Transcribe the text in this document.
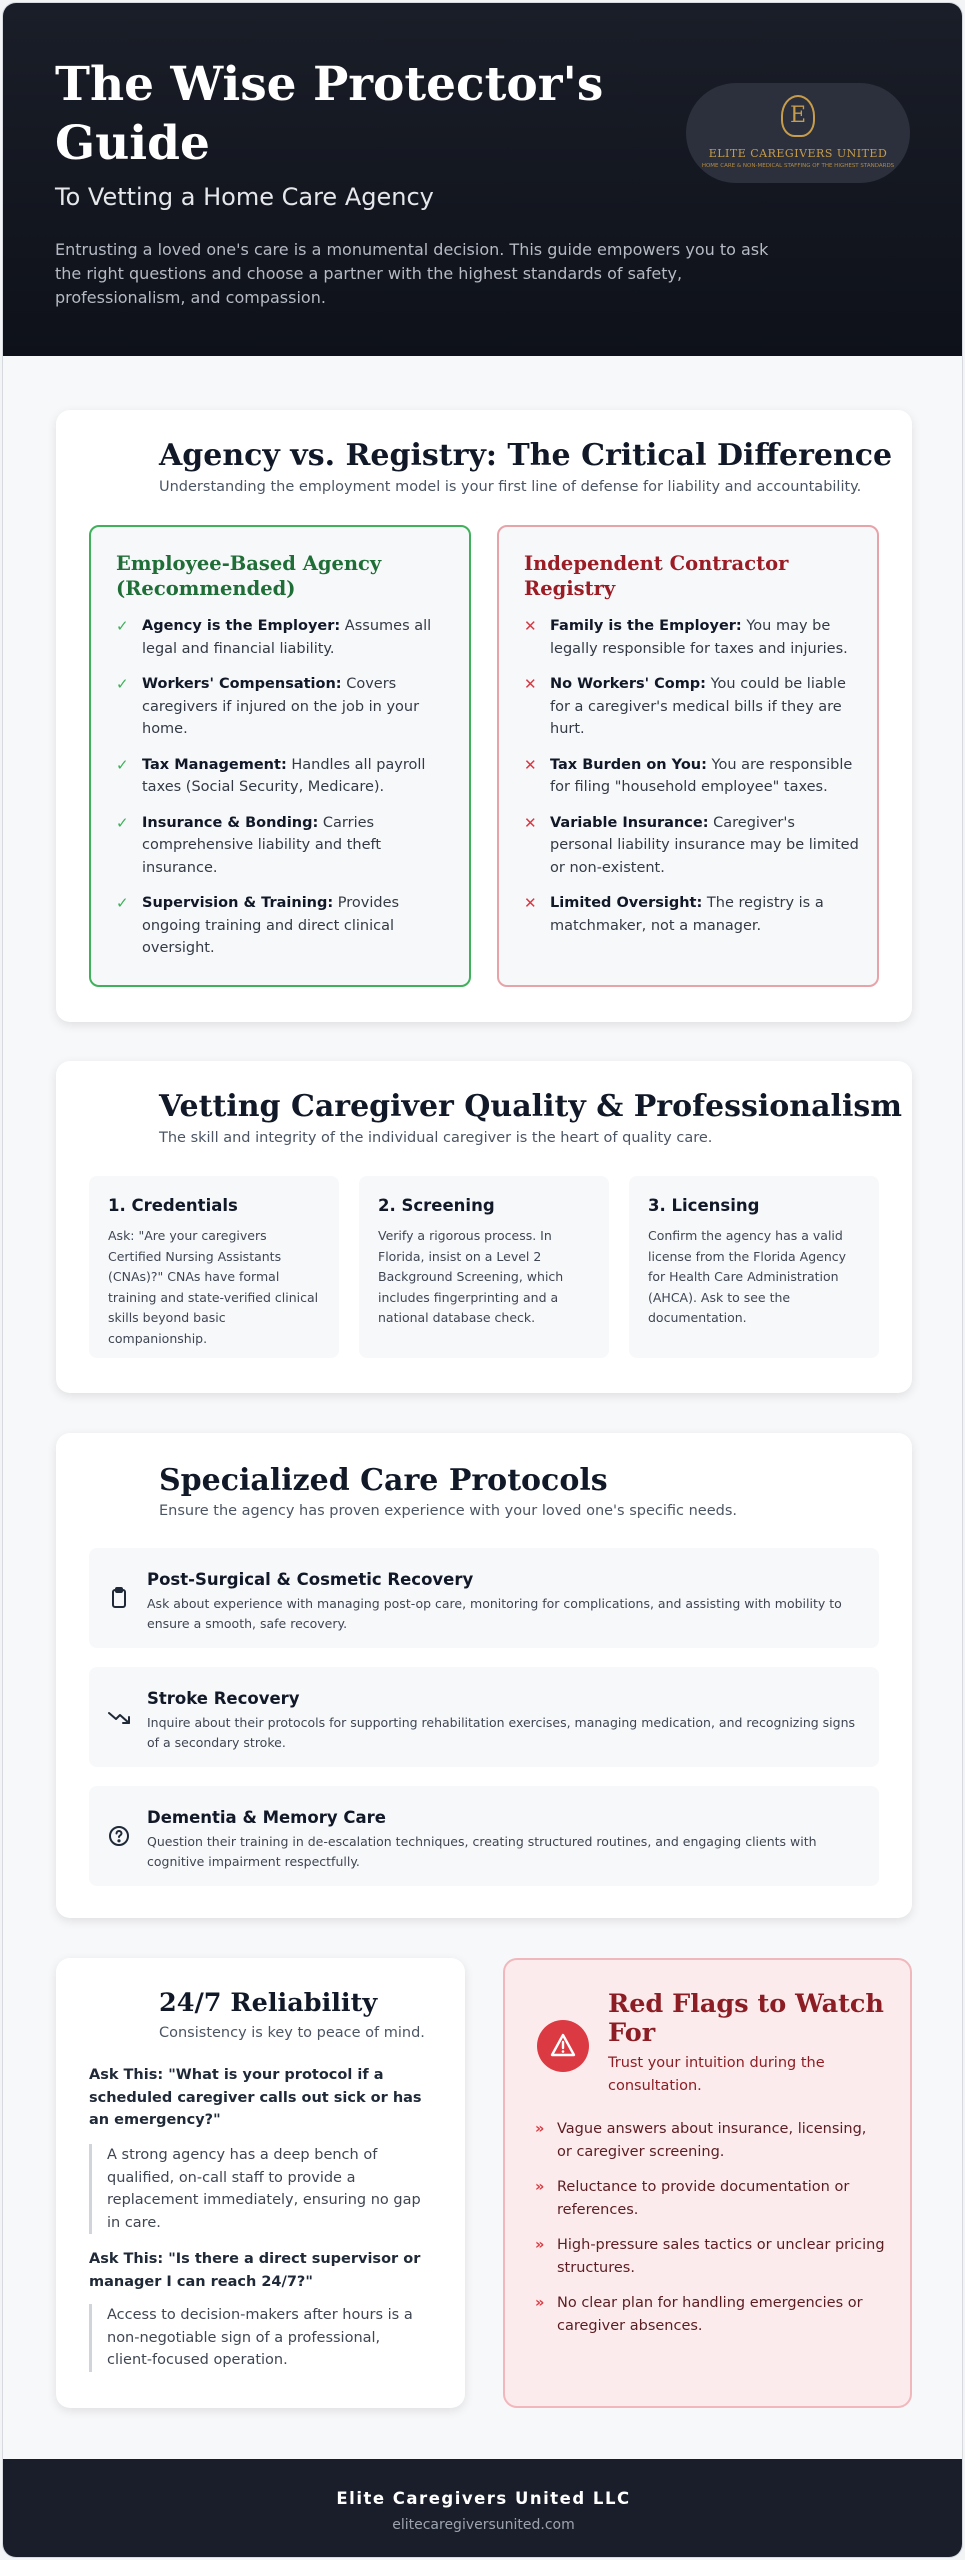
The Wise Protector's Guide
To Vetting a Home Care Agency
Entrusting a loved one's care is a monumental decision. This guide empowers you to ask the right questions and choose a partner with the highest standards of safety, professionalism, and compassion.
E
ELITE CAREGIVERS UNITED
HOME CARE & NON-MEDICAL STAFFING OF THE HIGHEST STANDARDS
Agency vs. Registry: The Critical Difference
Understanding the employment model is your first line of defense for liability and accountability.
Employee-Based Agency (Recommended)
✓ Agency is the Employer: Assumes all legal and financial liability.
✓ Workers' Compensation: Covers caregivers if injured on the job in your home.
✓ Tax Management: Handles all payroll taxes (Social Security, Medicare).
✓ Insurance & Bonding: Carries comprehensive liability and theft insurance.
✓ Supervision & Training: Provides ongoing training and direct clinical oversight.
Independent Contractor Registry
✕ Family is the Employer: You may be legally responsible for taxes and injuries.
✕ No Workers' Comp: You could be liable for a caregiver's medical bills if they are hurt.
✕ Tax Burden on You: You are responsible for filing "household employee" taxes.
✕ Variable Insurance: Caregiver's personal liability insurance may be limited or non-existent.
✕ Limited Oversight: The registry is a matchmaker, not a manager.
Vetting Caregiver Quality & Professionalism
The skill and integrity of the individual caregiver is the heart of quality care.
1. Credentials

Ask: "Are your caregivers Certified Nursing Assistants (CNAs)?" CNAs have formal training and state-verified clinical skills beyond basic companionship.

2. Screening

Verify a rigorous process. In Florida, insist on a Level 2 Background Screening, which includes fingerprinting and a national database check.

3. Licensing

Confirm the agency has a valid license from the Florida Agency for Health Care Administration (AHCA). Ask to see the documentation.

Specialized Care Protocols
Ensure the agency has proven experience with your loved one's specific needs.
Post-Surgical & Cosmetic Recovery

Ask about experience with managing post-op care, monitoring for complications, and assisting with mobility to ensure a smooth, safe recovery.

Stroke Recovery

Inquire about their protocols for supporting rehabilitation exercises, managing medication, and recognizing signs of a secondary stroke.

Dementia & Memory Care

Question their training in de-escalation techniques, creating structured routines, and engaging clients with cognitive impairment respectfully.

24/7 Reliability
Consistency is key to peace of mind.
Ask This: "What is your protocol if a scheduled caregiver calls out sick or has an emergency?"
A strong agency has a deep bench of qualified, on-call staff to provide a replacement immediately, ensuring no gap in care.
Ask This: "Is there a direct supervisor or manager I can reach 24/7?"
Access to decision-makers after hours is a non-negotiable sign of a professional, client-focused operation.
Red Flags to Watch For
Trust your intuition during the consultation.
» Vague answers about insurance, licensing, or caregiver screening.
» Reluctance to provide documentation or references.
» High-pressure sales tactics or unclear pricing structures.
» No clear plan for handling emergencies or caregiver absences.
Elite Caregivers United LLC
elitecaregiversunited.com
